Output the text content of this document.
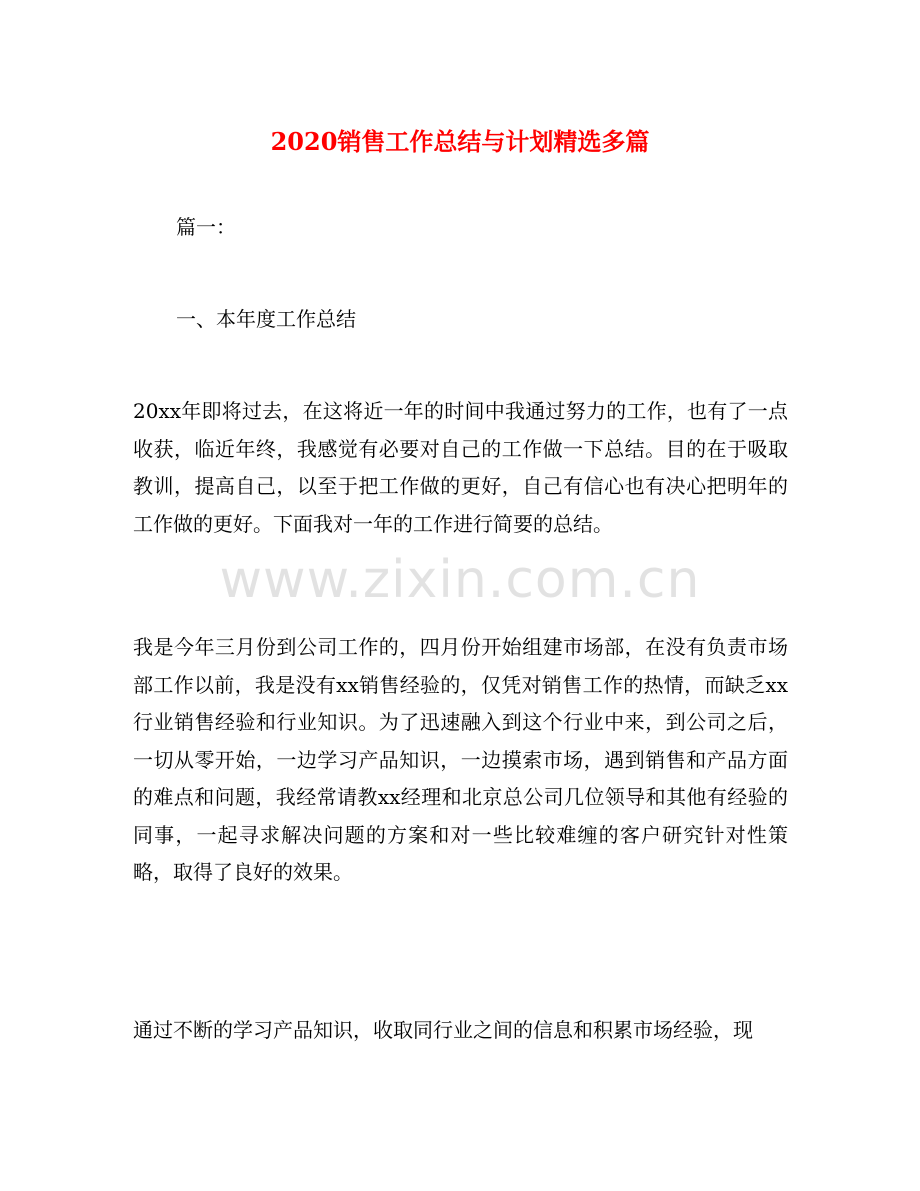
2020销售工作总结与计划精选多篇

篇一：

一、本年度工作总结

20xx年即将过去，在这将近一年的时间中我通过努力的工作，也有了一点收获，临近年终，我感觉有必要对自己的工作做一下总结。目的在于吸取教训，提高自己，以至于把工作做的更好，自己有信心也有决心把明年的工作做的更好。下面我对一年的工作进行简要的总结。

我是今年三月份到公司工作的，四月份开始组建市场部，在没有负责市场部工作以前，我是没有xx销售经验的，仅凭对销售工作的热情，而缺乏xx行业销售经验和行业知识。为了迅速融入到这个行业中来，到公司之后，一切从零开始，一边学习产品知识，一边摸索市场，遇到销售和产品方面的难点和问题，我经常请教xx经理和北京总公司几位领导和其他有经验的同事，一起寻求解决问题的方案和对一些比较难缠的客户研究针对性策略，取得了良好的效果。

通过不断的学习产品知识，收取同行业之间的信息和积累市场经验，现

www.zixin.com.cn
